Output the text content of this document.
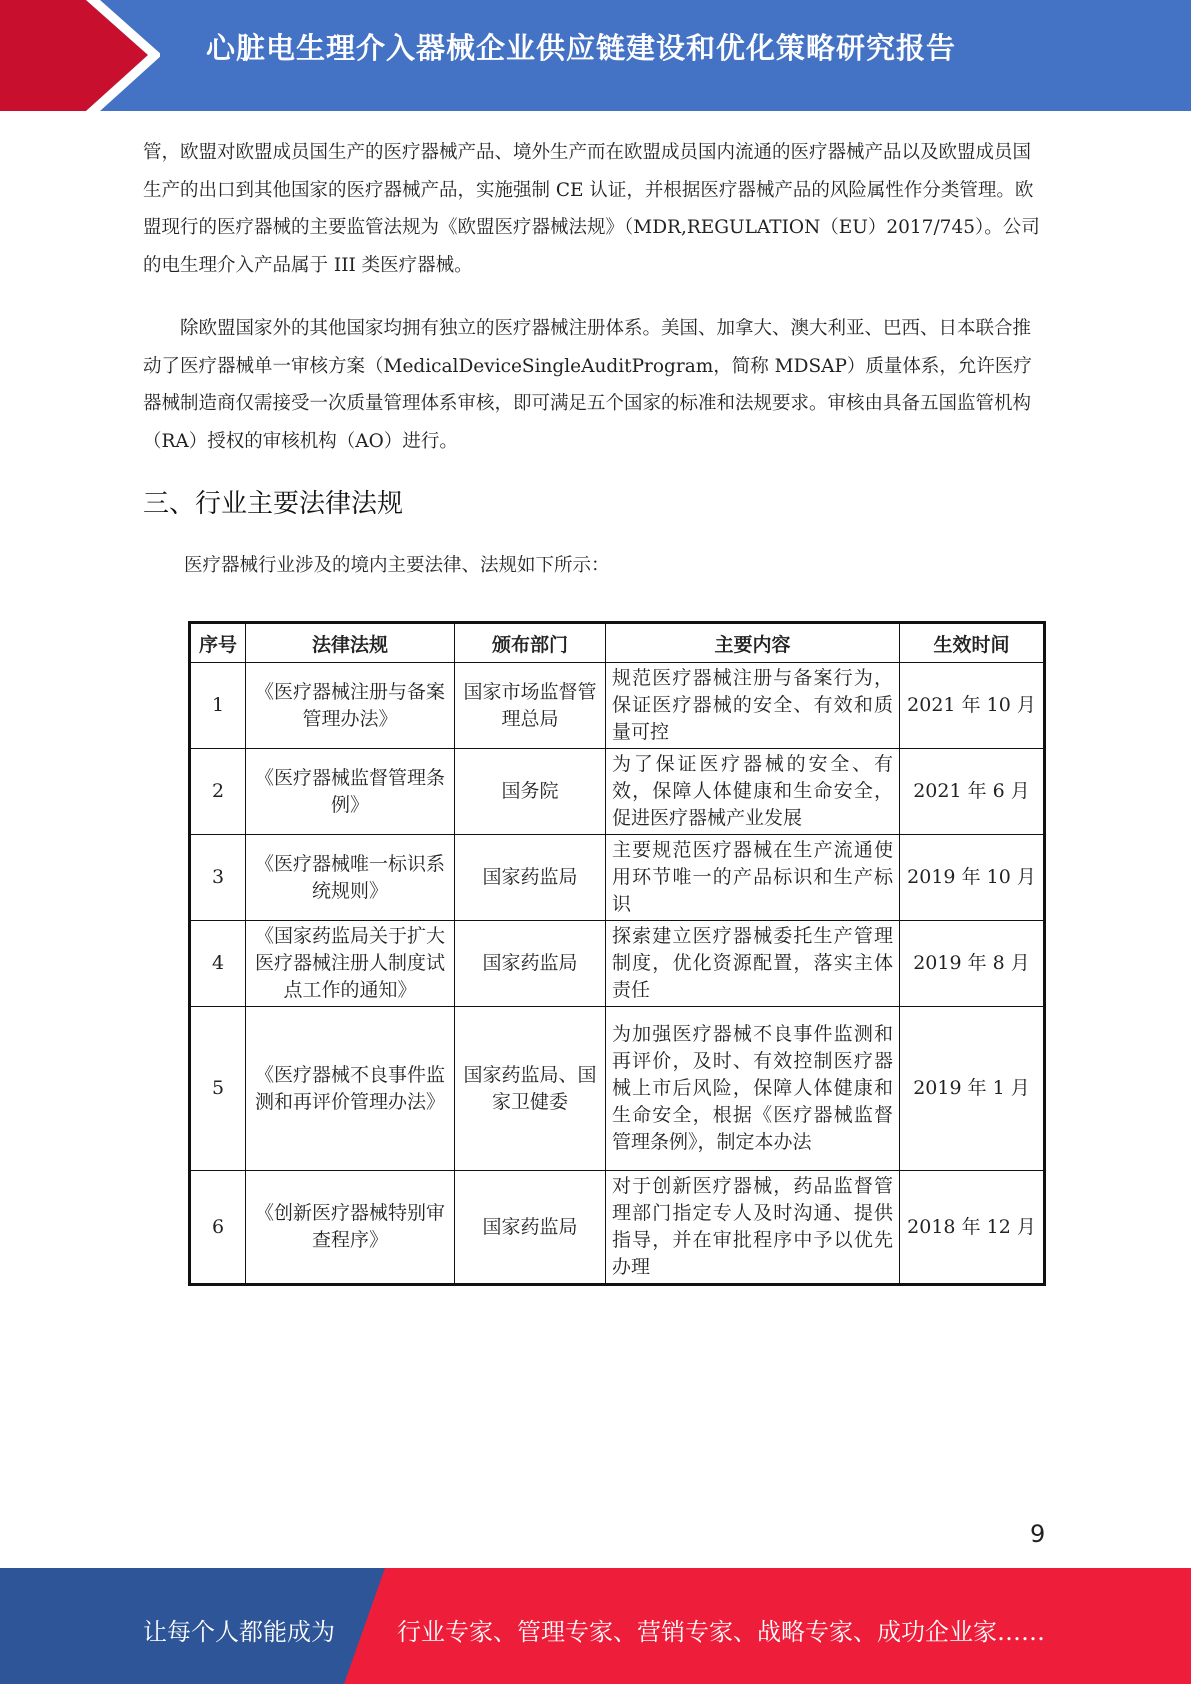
心脏电生理介入器械企业供应链建设和优化策略研究报告

管，欧盟对欧盟成员国生产的医疗器械产品、境外生产而在欧盟成员国内流通的医疗器械产品以及欧盟成员国生产的出口到其他国家的医疗器械产品，实施强制 CE 认证，并根据医疗器械产品的风险属性作分类管理。欧盟现行的医疗器械的主要监管法规为《欧盟医疗器械法规》（MDR,REGULATION（EU）2017/745）。公司的电生理介入产品属于 III 类医疗器械。

除欧盟国家外的其他国家均拥有独立的医疗器械注册体系。美国、加拿大、澳大利亚、巴西、日本联合推动了医疗器械单一审核方案（MedicalDeviceSingleAuditProgram，简称 MDSAP）质量体系，允许医疗器械制造商仅需接受一次质量管理体系审核，即可满足五个国家的标准和法规要求。审核由具备五国监管机构（RA）授权的审核机构（AO）进行。

三、行业主要法律法规

医疗器械行业涉及的境内主要法律、法规如下所示：

序号	法律法规	颁布部门	主要内容	生效时间
1	《医疗器械注册与备案管理办法》	国家市场监督管理总局	规范医疗器械注册与备案行为，保证医疗器械的安全、有效和质量可控	2021 年 10 月
2	《医疗器械监督管理条例》	国务院	为了保证医疗器械的安全、有效，保障人体健康和生命安全，促进医疗器械产业发展	2021 年 6 月
3	《医疗器械唯一标识系统规则》	国家药监局	主要规范医疗器械在生产流通使用环节唯一的产品标识和生产标识	2019 年 10 月
4	《国家药监局关于扩大医疗器械注册人制度试点工作的通知》	国家药监局	探索建立医疗器械委托生产管理制度，优化资源配置，落实主体责任	2019 年 8 月
5	《医疗器械不良事件监测和再评价管理办法》	国家药监局、国家卫健委	为加强医疗器械不良事件监测和再评价，及时、有效控制医疗器械上市后风险，保障人体健康和生命安全，根据《医疗器械监督管理条例》，制定本办法	2019 年 1 月
6	《创新医疗器械特别审查程序》	国家药监局	对于创新医疗器械，药品监督管理部门指定专人及时沟通、提供指导，并在审批程序中予以优先办理	2018 年 12 月
9
让每个人都能成为	行业专家、管理专家、营销专家、战略专家、成功企业家……
